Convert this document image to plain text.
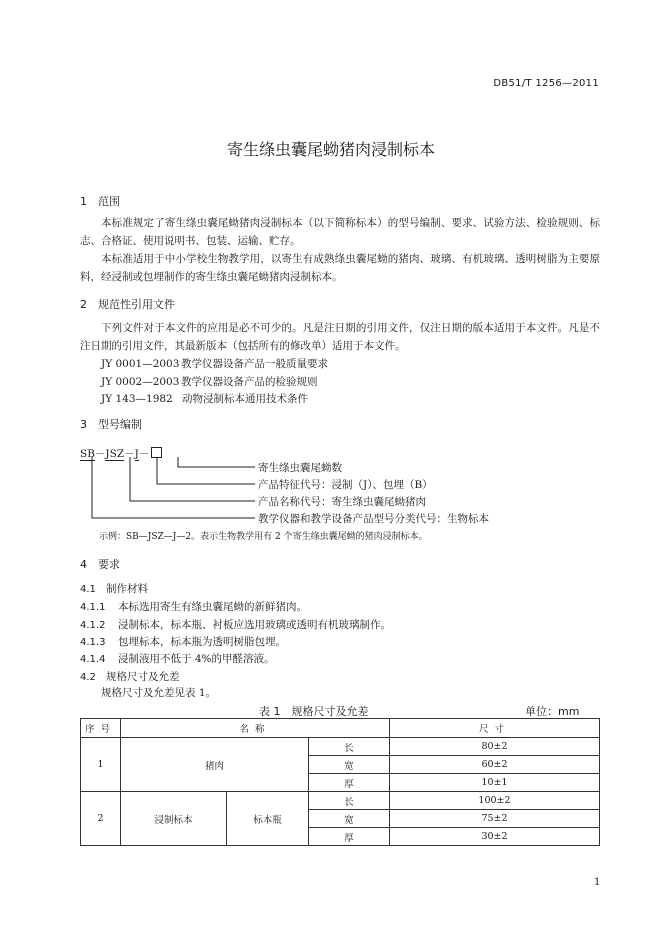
DB51/T 1256—2011
寄生绦虫囊尾蚴猪肉浸制标本
1 范围
本标准规定了寄生绦虫囊尾蚴猪肉浸制标本（以下简称标本）的型号编制、要求、试验方法、检验规则、标志、合格证、使用说明书、包装、运输、贮存。
本标准适用于中小学校生物教学用，以寄生有成熟绦虫囊尾蚴的猪肉、玻璃、有机玻璃、透明树脂为主要原料，经浸制或包埋制作的寄生绦虫囊尾蚴猪肉浸制标本。
2 规范性引用文件
下列文件对于本文件的应用是必不可少的。凡是注日期的引用文件，仅注日期的版本适用于本文件。凡是不注日期的引用文件，其最新版本（包括所有的修改单）适用于本文件。
JY 0001—2003 教学仪器设备产品一般质量要求
JY 0002—2003 教学仪器设备产品的检验规则
JY 143—1982 动物浸制标本通用技术条件
3 型号编制
SB－JSZ－J－
寄生绦虫囊尾蚴数
产品特征代号：浸制（J）、包埋（B）
产品名称代号：寄生绦虫囊尾蚴猪肉
教学仪器和教学设备产品型号分类代号：生物标本
示例：SB—JSZ—J—2。表示生物教学用有 2 个寄生绦虫囊尾蚴的猪肉浸制标本。
4 要求
4.1 制作材料
4.1.1 本标选用寄生有绦虫囊尾蚴的新鲜猪肉。
4.1.2 浸制标本，标本瓶、衬板应选用玻璃或透明有机玻璃制作。
4.1.3 包埋标本，标本瓶为透明树脂包埋。
4.1.4 浸制液用不低于 4%的甲醛溶液。
4.2 规格尺寸及允差
规格尺寸及允差见表 1。
表 1　规格尺寸及允差	单位：mm
序号	名称			尺寸
1	猪肉		长	80±2
			宽	60±2
			厚	10±1
2	浸制标本	标本瓶	长	100±2
			宽	75±2
			厚	30±2
1
